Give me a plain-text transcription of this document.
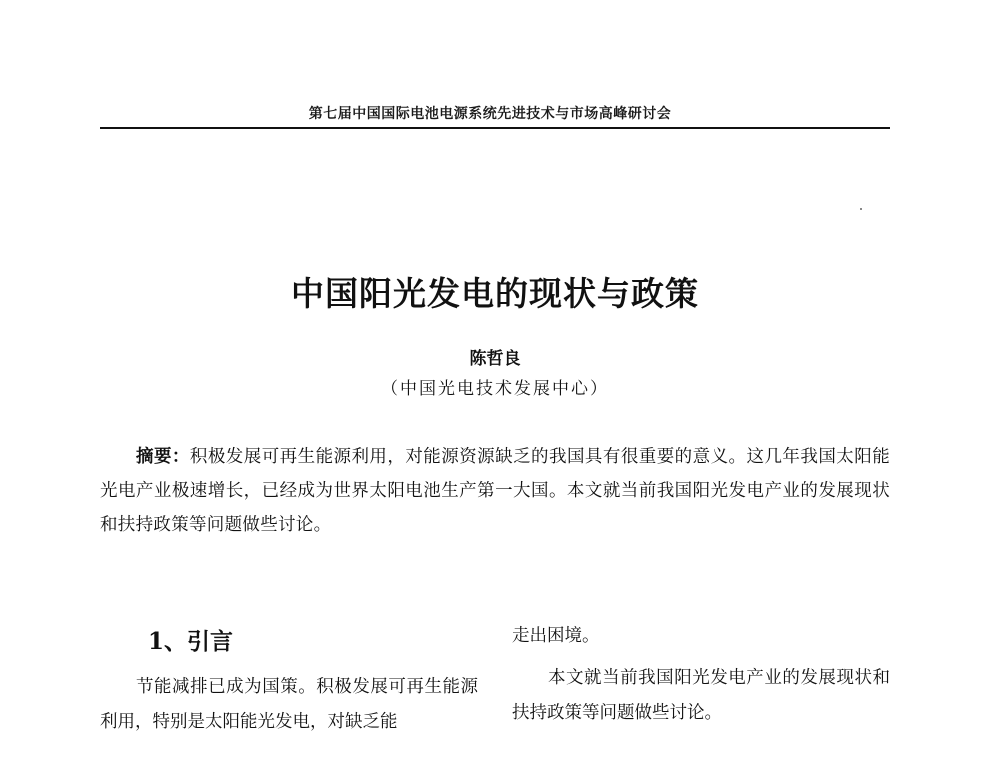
第七届中国国际电池电源系统先进技术与市场高峰研讨会
中国阳光发电的现状与政策
陈哲良
（中国光电技术发展中心）
摘要：积极发展可再生能源利用，对能源资源缺乏的我国具有很重要的意义。这几年我国太阳能光电产业极速增长，已经成为世界太阳电池生产第一大国。本文就当前我国阳光发电产业的发展现状和扶持政策等问题做些讨论。
1、引言

节能减排已成为国策。积极发展可再生能源利用，特别是太阳能光发电，对缺乏能

走出困境。

本文就当前我国阳光发电产业的发展现状和扶持政策等问题做些讨论。
